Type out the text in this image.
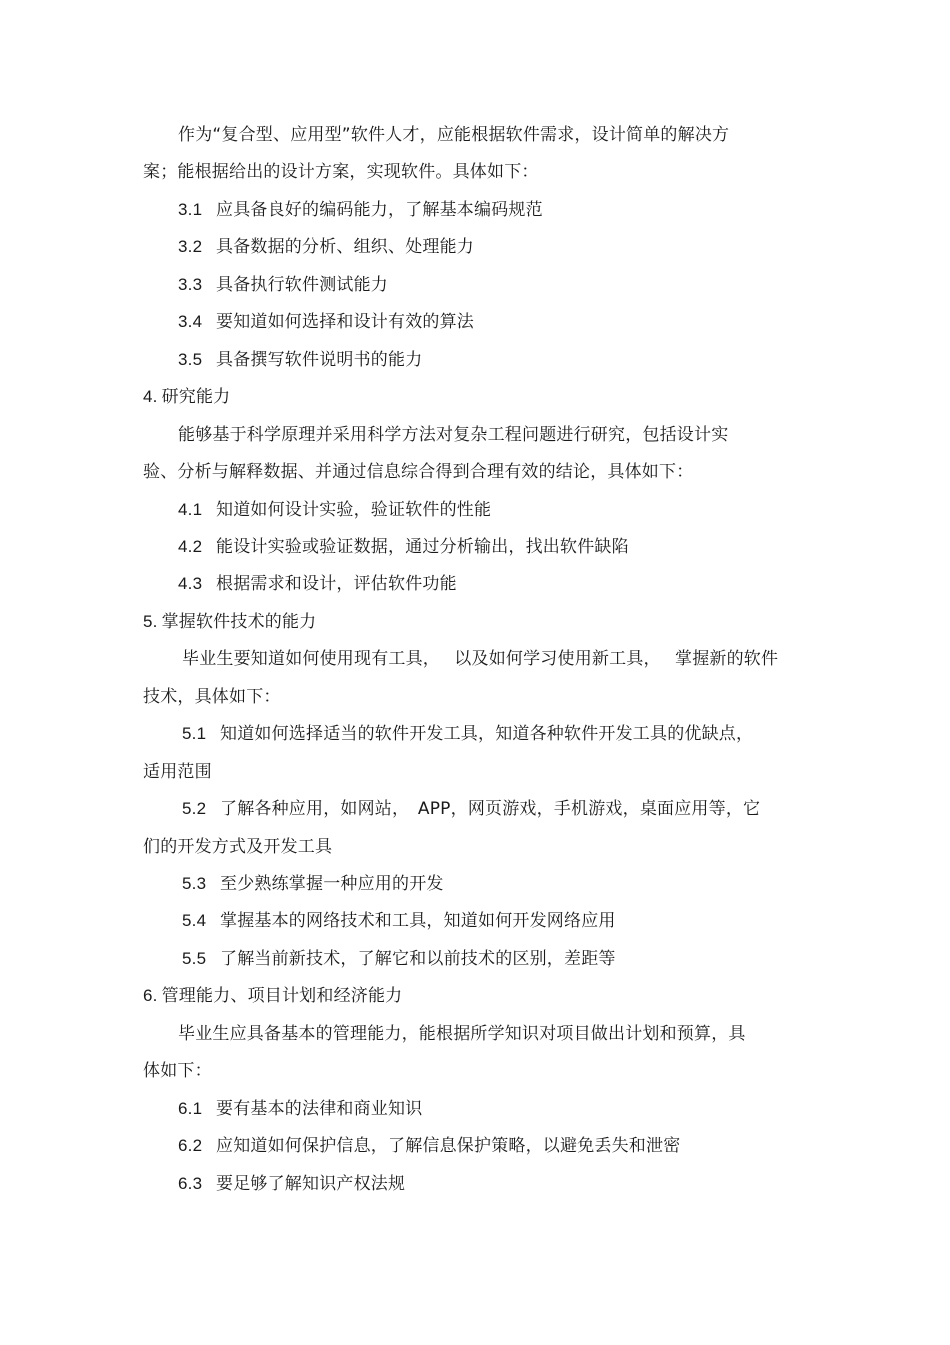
作为“复合型、应用型”软件人才，应能根据软件需求，设计简单的解决方
案；能根据给出的设计方案，实现软件。具体如下：
3.1 应具备良好的编码能力，了解基本编码规范
3.2 具备数据的分析、组织、处理能力
3.3 具备执行软件测试能力
3.4 要知道如何选择和设计有效的算法
3.5 具备撰写软件说明书的能力
4. 研究能力
能够基于科学原理并采用科学方法对复杂工程问题进行研究，包括设计实
验、分析与解释数据、并通过信息综合得到合理有效的结论，具体如下：
4.1 知道如何设计实验，验证软件的性能
4.2 能设计实验或验证数据，通过分析输出，找出软件缺陷
4.3 根据需求和设计，评估软件功能
5. 掌握软件技术的能力
毕业生要知道如何使用现有工具，　 以及如何学习使用新工具，　 掌握新的软件
技术，具体如下：
5.1 知道如何选择适当的软件开发工具，知道各种软件开发工具的优缺点，
适用范围
5.2 了解各种应用，如网站，　APP，网页游戏，手机游戏，桌面应用等，它
们的开发方式及开发工具
5.3 至少熟练掌握一种应用的开发
5.4 掌握基本的网络技术和工具，知道如何开发网络应用
5.5 了解当前新技术，了解它和以前技术的区别，差距等
6. 管理能力、项目计划和经济能力
毕业生应具备基本的管理能力，能根据所学知识对项目做出计划和预算，具
体如下：
6.1 要有基本的法律和商业知识
6.2 应知道如何保护信息，了解信息保护策略，以避免丢失和泄密
6.3 要足够了解知识产权法规
